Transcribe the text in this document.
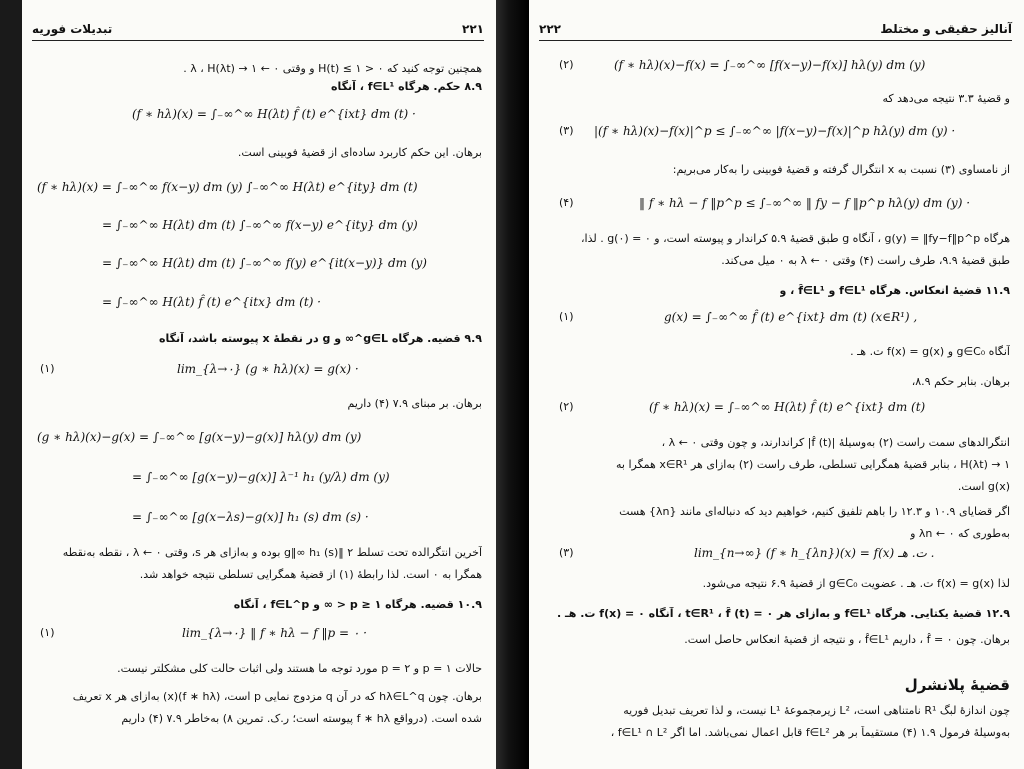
تبدیلات فوریه	۲۲۱
همچنین توجه کنید که H(t) ≤ ۱ > ۰ و وقتی ۰ ← λ ، H(λt) → ۱ .
۸.۹ حکم. هرگاه f∈L¹ ، آنگاه
(f ∗ hλ)(x) = ∫₋∞^∞ H(λt) f̂ (t) e^{ixt} dm (t) ·
برهان. این حکم کاربرد ساده‌ای از قضیهٔ فوبینی است.
(f ∗ hλ)(x) = ∫₋∞^∞ f(x−y) dm (y) ∫₋∞^∞ H(λt) e^{ity} dm (t)
= ∫₋∞^∞ H(λt) dm (t) ∫₋∞^∞ f(x−y) e^{ity} dm (y)
= ∫₋∞^∞ H(λt) dm (t) ∫₋∞^∞ f(y) e^{it(x−y)} dm (y)
= ∫₋∞^∞ H(λt) f̂ (t) e^{itx} dm (t) ·
۹.۹ قضیه. هرگاه g∈L^∞ و g در نقطهٔ x پیوسته باشد، آنگاه
lim_{λ→۰} (g ∗ hλ)(x) = g(x) ·
(۱)
برهان. بر مبنای ۷.۹ (۴) داریم
(g ∗ hλ)(x)−g(x) = ∫₋∞^∞ [g(x−y)−g(x)] hλ(y) dm (y)
= ∫₋∞^∞ [g(x−y)−g(x)] λ⁻¹ h₁ (y/λ) dm (y)
= ∫₋∞^∞ [g(x−λs)−g(x)] h₁ (s) dm (s) ·
آخرین انتگرالده تحت تسلط ۲ ‖g‖∞ h₁ (s) بوده و به‌ازای هر s، وقتی ۰ ← λ ، نقطه به‌نقطه
همگرا به ۰ است. لذا رابطهٔ (۱) از قضیهٔ همگرایی تسلطی نتیجه خواهد شد.
۱۰.۹ قضیه. هرگاه ۱ ≤ p < ∞ و f∈L^p ، آنگاه
lim_{λ→۰} ‖ f ∗ hλ − f ‖p = ۰ ·
(۱)
حالات p = ۱ و p = ۲ مورد توجه ما هستند ولی اثبات حالت کلی مشکلتر نیست.
برهان. چون hλ∈L^q که در آن q مزدوج نمایی p است، (f ∗ hλ)(x) به‌ازای هر x تعریف
شده است. (درواقع f ∗ hλ پیوسته است؛ ر.ک. تمرین ۸) به‌خاطر ۷.۹ (۴) داریم
آنالیز حقیقی و مختلط
۲۲۲
(f ∗ hλ)(x)−f(x) = ∫₋∞^∞ [f(x−y)−f(x)] hλ(y) dm (y)
(۲)
و قضیهٔ ۳.۳ نتیجه می‌دهد که
|(f ∗ hλ)(x)−f(x)|^p ≤ ∫₋∞^∞ |f(x−y)−f(x)|^p hλ(y) dm (y) ·
(۳)
از نامساوی (۳) نسبت به x انتگرال گرفته و قضیهٔ فوبینی را به‌کار می‌بریم:
‖ f ∗ hλ − f ‖p^p ≤ ∫₋∞^∞ ‖ fy − f ‖p^p hλ(y) dm (y) ·
(۴)
هرگاه g(y) = ‖fy−f‖p^p ، آنگاه g طبق قضیهٔ ۵.۹ کراندار و پیوسته است، و g(۰) = ۰ . لذا،
طبق قضیهٔ ۹.۹، طرف راست (۴) وقتی ۰ ← λ به ۰ میل می‌کند.
۱۱.۹ قضیهٔ انعکاس. هرگاه f∈L¹ و f̂∈L¹ ، و
g(x) = ∫₋∞^∞ f̂ (t) e^{ixt} dm (t) (x∈R¹) ,
(۱)
آنگاه g∈C₀ و f(x) = g(x) ت. هـ .
برهان. بنابر حکم ۸.۹،
(f ∗ hλ)(x) = ∫₋∞^∞ H(λt) f̂ (t) e^{ixt} dm (t)
(۲)
انتگرالدهای سمت راست (۲) به‌وسیلهٔ |f̂ (t)| کراندارند، و چون وقتی ۰ ← λ ،
H(λt) → ۱ ، بنابر قضیهٔ همگرایی تسلطی، طرف راست (۲) به‌ازای هر x∈R¹ همگرا به
g(x) است.
اگر قضایای ۱۰.۹ و ۱۲.۳ را باهم تلفیق کنیم، خواهیم دید که دنباله‌ای مانند {λn} هست
به‌طوری که ۰ ← λn و
lim_{n→∞} (f ∗ h_{λn})(x) = f(x) ت. هـ .
(۳)
لذا f(x) = g(x) ت. هـ . عضویت g∈C₀ از قضیهٔ ۶.۹ نتیجه می‌شود.
۱۲.۹ قضیهٔ یکتایی. هرگاه f∈L¹ و به‌ازای هر t∈R¹ ، f̂ (t) = ۰ ، آنگاه f(x) = ۰ ت. هـ .
برهان. چون f̂ = ۰ ، داریم f̂∈L¹ ، و نتیجه از قضیهٔ انعکاس حاصل است.
قضیهٔ پلانشرل
چون اندازهٔ لبگ R¹ نامتناهی است، L² زیرمجموعهٔ L¹ نیست، و لذا تعریف تبدیل فوریه
به‌وسیلهٔ فرمول ۱.۹ (۴) مستقیماً بر هر f∈L² قابل اعمال نمی‌باشد. اما اگر f∈L¹ ∩ L² ،
